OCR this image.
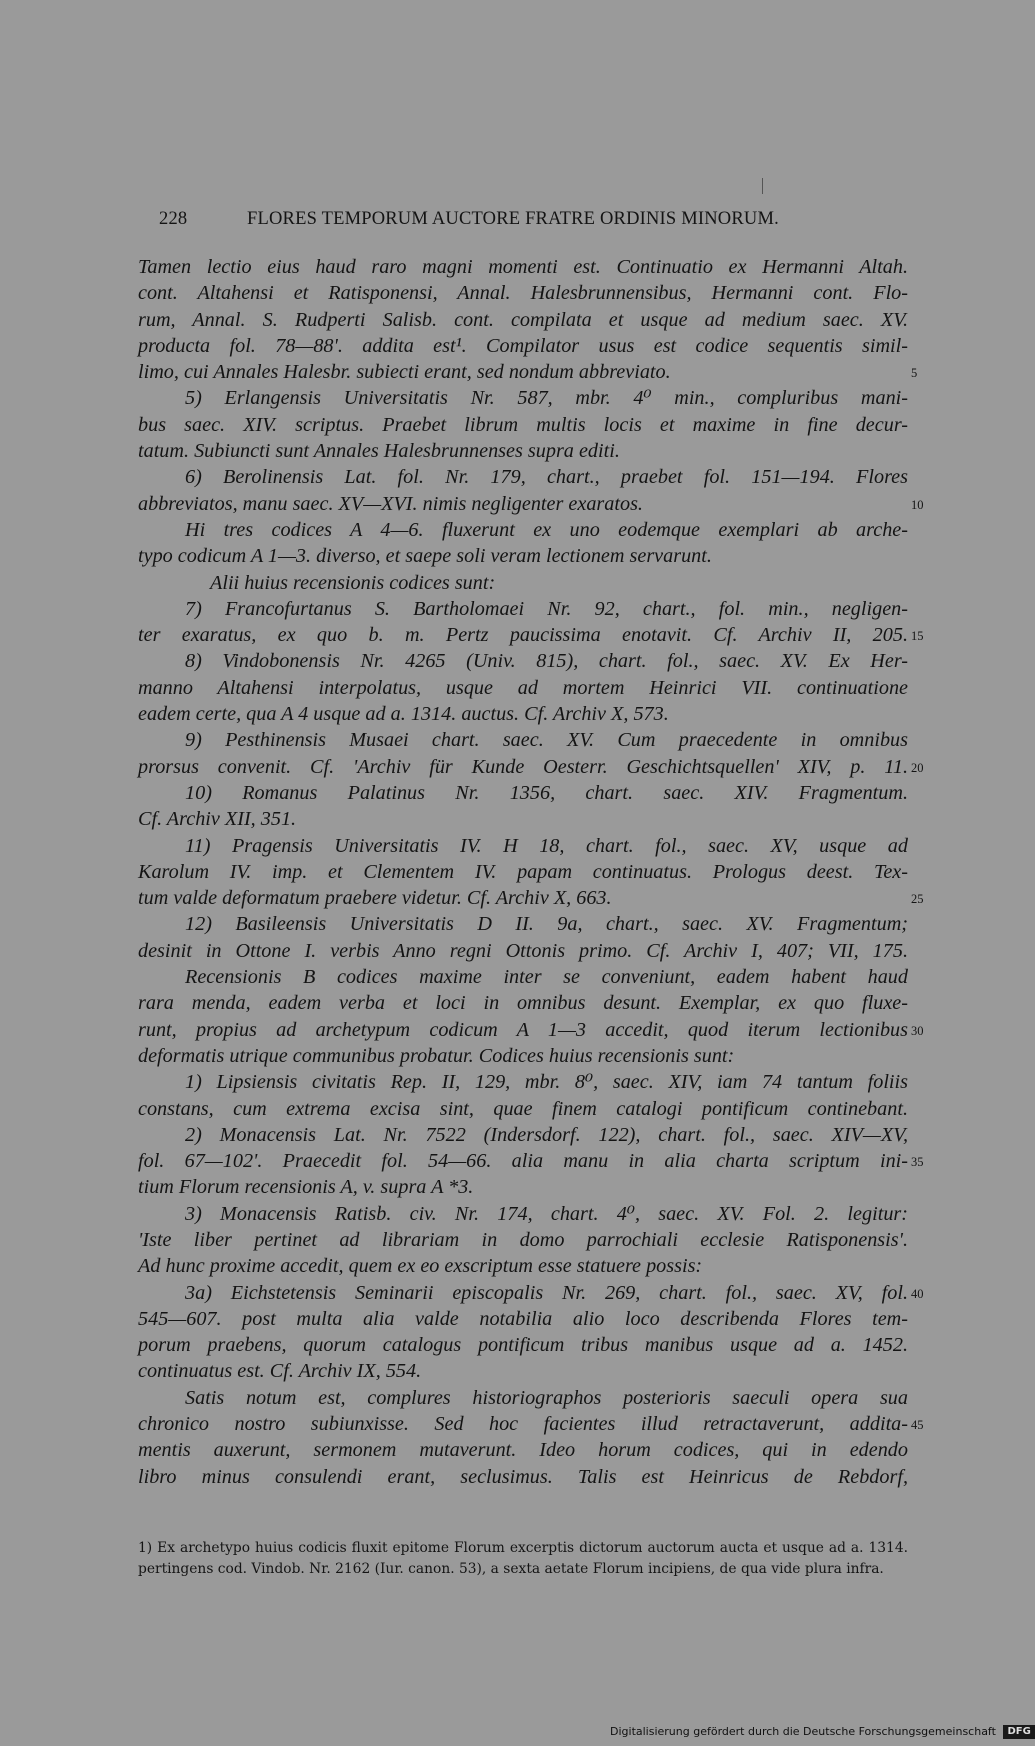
228	FLORES TEMPORUM AUCTORE FRATRE ORDINIS MINORUM.
Tamen lectio eius haud raro magni momenti est. Continuatio ex Hermanni Altah.
cont. Altahensi et Ratisponensi, Annal. Halesbrunnensibus, Hermanni cont. Flo-
rum, Annal. S. Rudperti Salisb. cont. compilata et usque ad medium saec. XV.
producta fol. 78—88'. addita est¹. Compilator usus est codice sequentis simil-
limo, cui Annales Halesbr. subiecti erant, sed nondum abbreviato.	5
5) Erlangensis Universitatis Nr. 587, mbr. 4⁰ min., compluribus mani-
bus saec. XIV. scriptus. Praebet librum multis locis et maxime in fine decur-
tatum. Subiuncti sunt Annales Halesbrunnenses supra editi.
6) Berolinensis Lat. fol. Nr. 179, chart., praebet fol. 151—194. Flores
abbreviatos, manu saec. XV—XVI. nimis negligenter exaratos.	10
Hi tres codices A 4—6. fluxerunt ex uno eodemque exemplari ab arche-
typo codicum A 1—3. diverso, et saepe soli veram lectionem servarunt.
Alii huius recensionis codices sunt:
7) Francofurtanus S. Bartholomaei Nr. 92, chart., fol. min., negligen-
ter exaratus, ex quo b. m. Pertz paucissima enotavit. Cf. Archiv II, 205. 15
8) Vindobonensis Nr. 4265 (Univ. 815), chart. fol., saec. XV. Ex Her-
manno Altahensi interpolatus, usque ad mortem Heinrici VII. continuatione
eadem certe, qua A 4 usque ad a. 1314. auctus. Cf. Archiv X, 573.
9) Pesthinensis Musaei chart. saec. XV. Cum praecedente in omnibus
prorsus convenit. Cf. 'Archiv für Kunde Oesterr. Geschichtsquellen' XIV, p. 11. 20
10) Romanus Palatinus Nr. 1356, chart. saec. XIV. Fragmentum.
Cf. Archiv XII, 351.
11) Pragensis Universitatis IV. H 18, chart. fol., saec. XV, usque ad
Karolum IV. imp. et Clementem IV. papam continuatus. Prologus deest. Tex-
tum valde deformatum praebere videtur. Cf. Archiv X, 663.	25
12) Basileensis Universitatis D II. 9a, chart., saec. XV. Fragmentum;
desinit in Ottone I. verbis Anno regni Ottonis primo. Cf. Archiv I, 407; VII, 175.
Recensionis B codices maxime inter se conveniunt, eadem habent haud
rara menda, eadem verba et loci in omnibus desunt. Exemplar, ex quo fluxe-
runt, propius ad archetypum codicum A 1—3 accedit, quod iterum lectionibus 30
deformatis utrique communibus probatur. Codices huius recensionis sunt:
1) Lipsiensis civitatis Rep. II, 129, mbr. 8⁰, saec. XIV, iam 74 tantum foliis
constans, cum extrema excisa sint, quae finem catalogi pontificum continebant.
2) Monacensis Lat. Nr. 7522 (Indersdorf. 122), chart. fol., saec. XIV—XV,
fol. 67—102'. Praecedit fol. 54—66. alia manu in alia charta scriptum ini- 35
tium Florum recensionis A, v. supra A *3.
3) Monacensis Ratisb. civ. Nr. 174, chart. 4⁰, saec. XV. Fol. 2. legitur:
'Iste liber pertinet ad librariam in domo parrochiali ecclesie Ratisponensis'.
Ad hunc proxime accedit, quem ex eo exscriptum esse statuere possis:
3a) Eichstetensis Seminarii episcopalis Nr. 269, chart. fol., saec. XV, fol. 40
545—607. post multa alia valde notabilia alio loco describenda Flores tem-
porum praebens, quorum catalogus pontificum tribus manibus usque ad a. 1452.
continuatus est. Cf. Archiv IX, 554.
Satis notum est, complures historiographos posterioris saeculi opera sua
chronico nostro subiunxisse. Sed hoc facientes illud retractaverunt, addita- 45
mentis auxerunt, sermonem mutaverunt. Ideo horum codices, qui in edendo
libro minus consulendi erant, seclusimus. Talis est Heinricus de Rebdorf,
1) Ex archetypo huius codicis fluxit epitome Florum excerptis dictorum auctorum aucta et usque ad a. 1314.
pertingens cod. Vindob. Nr. 2162 (Iur. canon. 53), a sexta aetate Florum incipiens, de qua vide plura infra.
Digitalisierung gefördert durch die Deutsche Forschungsgemeinschaft DFG
